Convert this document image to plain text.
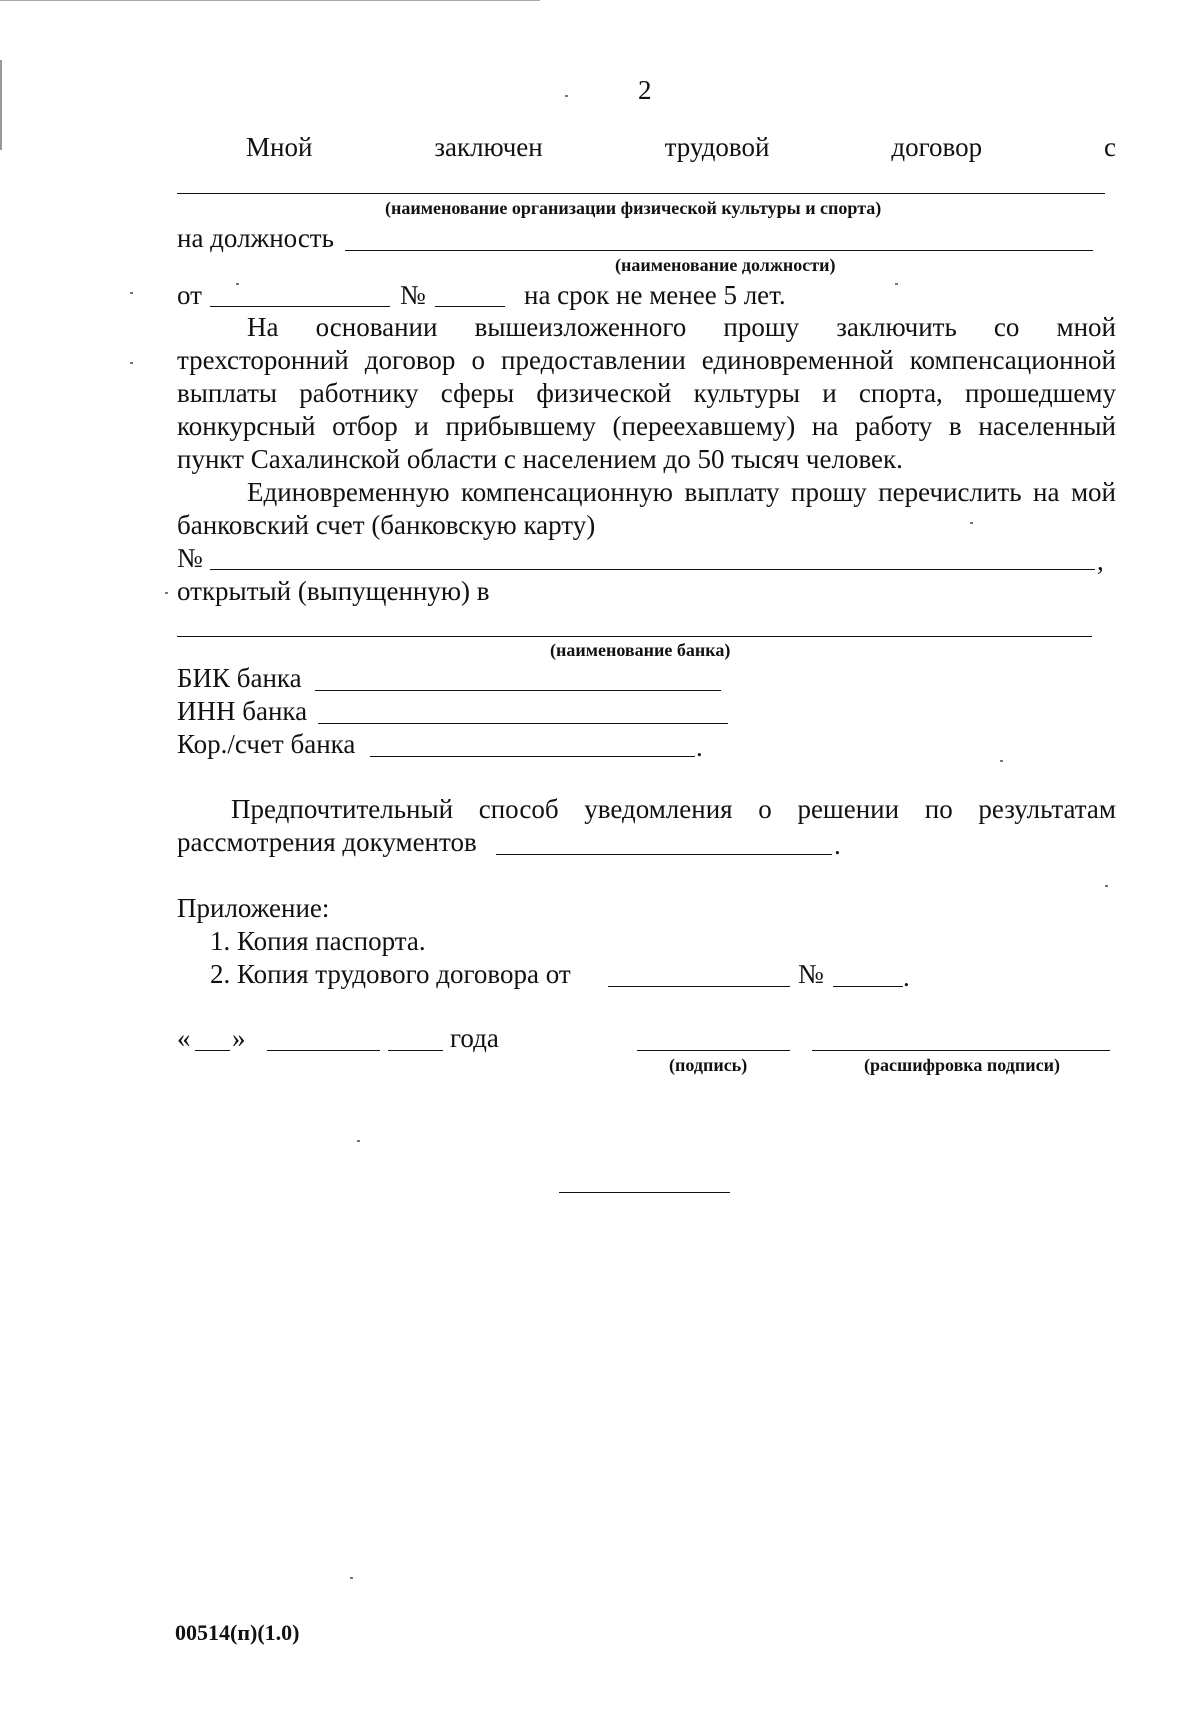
2
Мной	заключен	трудовой	договор	с
(наименование организации физической культуры и спорта)
на должность
(наименование должности)
от	№	на срок не менее 5 лет.
На основании вышеизложенного прошу заключить со мной
трехсторонний договор о предоставлении единовременной компенсационной
выплаты работнику сферы физической культуры и спорта, прошедшему
конкурсный отбор и прибывшему (переехавшему) на работу в населенный
пункт Сахалинской области с населением до 50 тысяч человек.
Единовременную компенсационную выплату прошу перечислить на мой
банковский счет (банковскую карту)
№	,
открытый (выпущенную) в
(наименование банка)
БИК банка
ИНН банка
Кор./счет банка	.
Предпочтительный способ уведомления о решении по результатам
рассмотрения документов	.
Приложение:
1. Копия паспорта.
2. Копия трудового договора от	№	.
« »	года
(подпись)	(расшифровка подписи)
00514(п)(1.0)
